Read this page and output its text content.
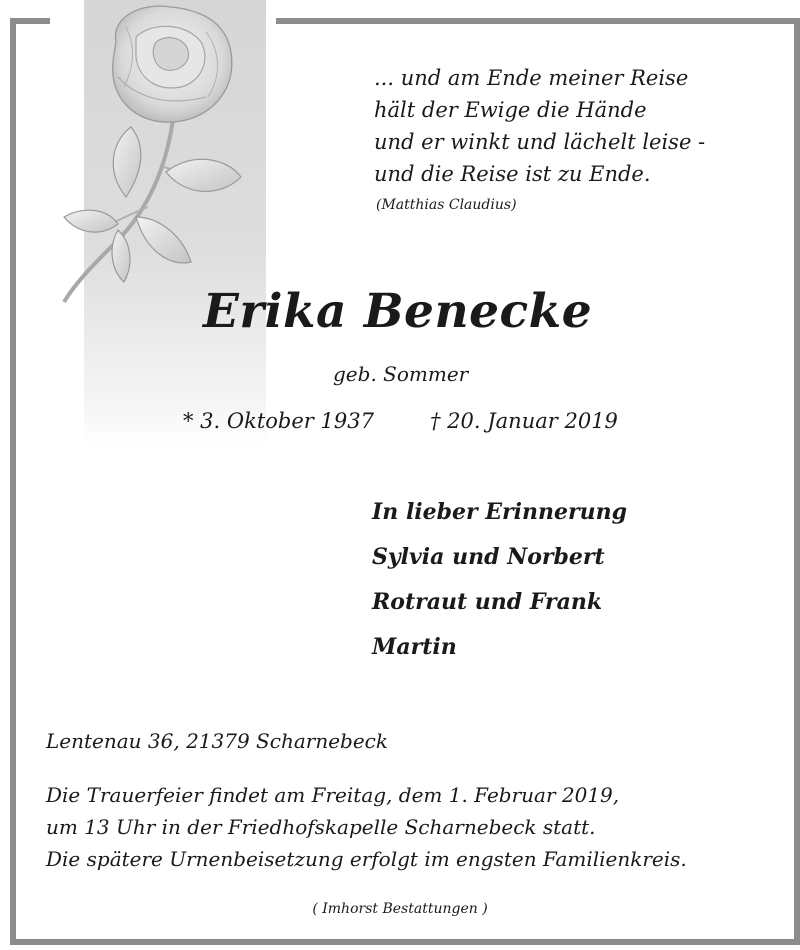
... und am Ende meiner Reise
hält der Ewige die Hände
und er winkt und lächelt leise -
und die Reise ist zu Ende.
(Matthias Claudius)
Erika Benecke
geb. Sommer
* 3. Oktober 1937	† 20. Januar 2019
In lieber Erinnerung
Sylvia und Norbert
Rotraut und Frank
Martin
Lentenau 36, 21379 Scharnebeck
Die Trauerfeier findet am Freitag, dem 1. Februar 2019,
um 13 Uhr in der Friedhofskapelle Scharnebeck statt.
Die spätere Urnenbeisetzung erfolgt im engsten Familienkreis.
( Imhorst Bestattungen )
